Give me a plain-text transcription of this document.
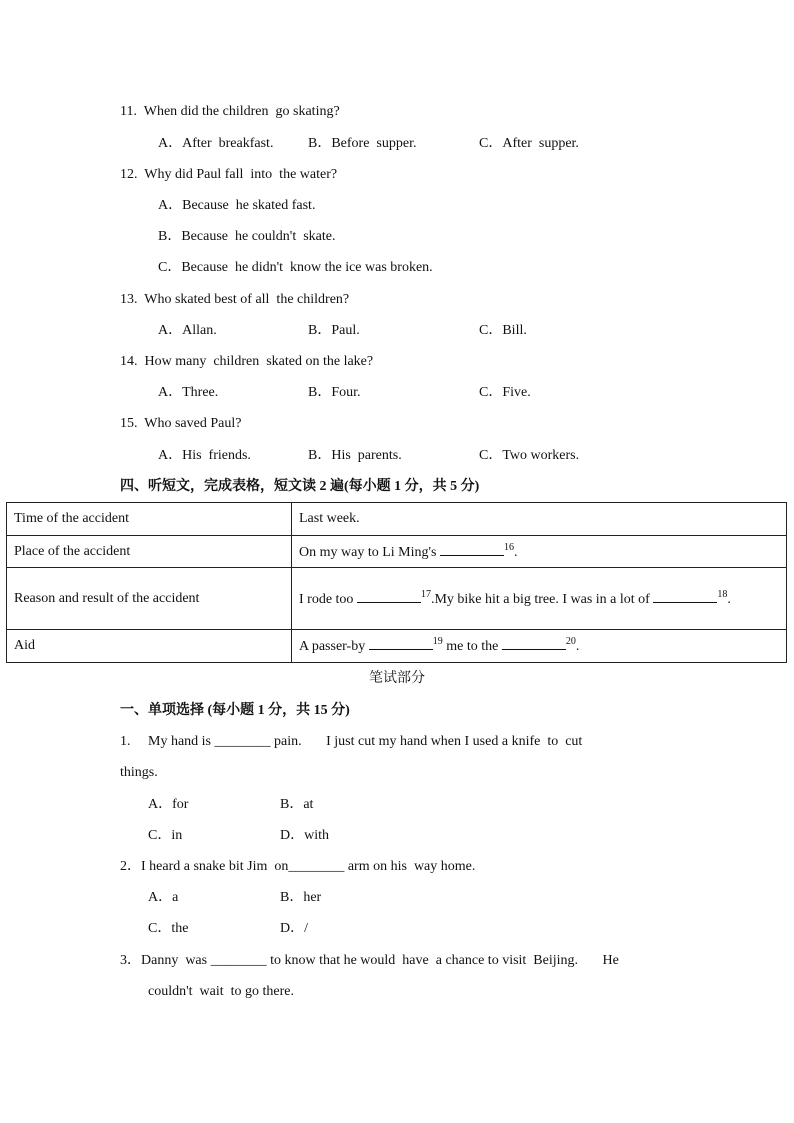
11.  When did the children  go skating?
A．After  breakfast. B．Before  supper.	C．After  supper.
12.  Why did Paul fall  into  the water?
A．Because  he skated fast.
B．Because  he couldn't  skate.
C．Because  he didn't  know the ice was broken.
13.  Who skated best of all  the children?
A．Allan.	B．Paul.	C．Bill.
14.  How many  children  skated on the lake?
A．Three.	B．Four.	C．Five.
15.  Who saved Paul?
A．His  friends.	B．His  parents.	C．Two workers.
四、听短文，完成表格，短文读 2 遍(每小题 1 分，共 5 分)
Time of the accident	Last week.
Place of the accident	On my way to Li Ming's $^{16}$.
Reason and result of the accident	I rode too $^{17}$.My bike hit a big tree. I was in a lot of $^{18}$.
Aid	A passer-by $^{19}$ me to the $^{20}$.
笔试部分
一、单项选择 (每小题 1 分，共 15 分)
1.     My hand is ________ pain.       I just cut my hand when I used a knife  to  cut
things.
A．for	B．at
C．in	D．with
2．I heard a snake bit Jim  on________ arm on his  way home.
A．a	B．her
C．the	D．/
3．Danny  was ________ to know that he would  have  a chance to visit  Beijing.       He
couldn't  wait  to go there.
